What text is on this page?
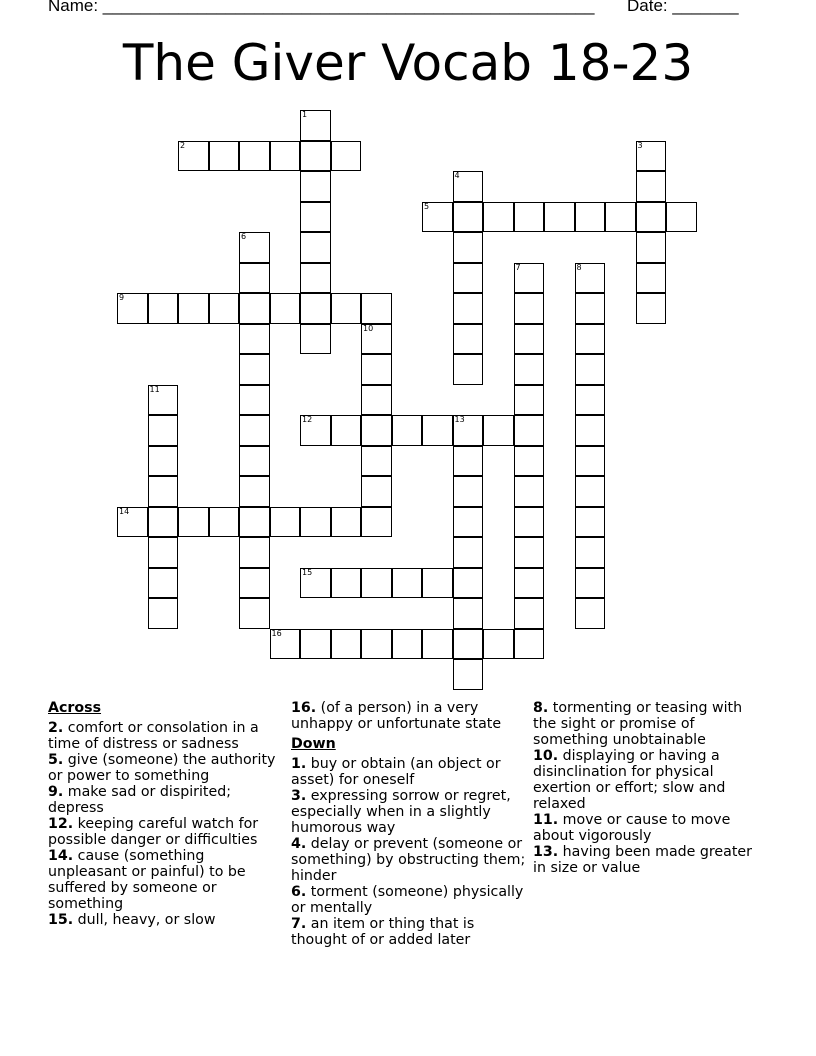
Name: ____________________________________________________ Date: _______
The Giver Vocab 18-23
1
2	3
4
5
6
7	8
9
10
11
12	13
14
15
16
Across
2. comfort or consolation in a time of distress or sadness
5. give (someone) the authority or power to something
9. make sad or dispirited; depress
12. keeping careful watch for possible danger or difficulties
14. cause (something unpleasant or painful) to be suffered by someone or something
15. dull, heavy, or slow
16. (of a person) in a very unhappy or unfortunate state
Down
1. buy or obtain (an object or asset) for oneself
3. expressing sorrow or regret, especially when in a slightly humorous way
4. delay or prevent (someone or something) by obstructing them; hinder
6. torment (someone) physically or mentally
7. an item or thing that is thought of or added later
8. tormenting or teasing with the sight or promise of something unobtainable
10. displaying or having a disinclination for physical exertion or effort; slow and relaxed
11. move or cause to move about vigorously
13. having been made greater in size or value
